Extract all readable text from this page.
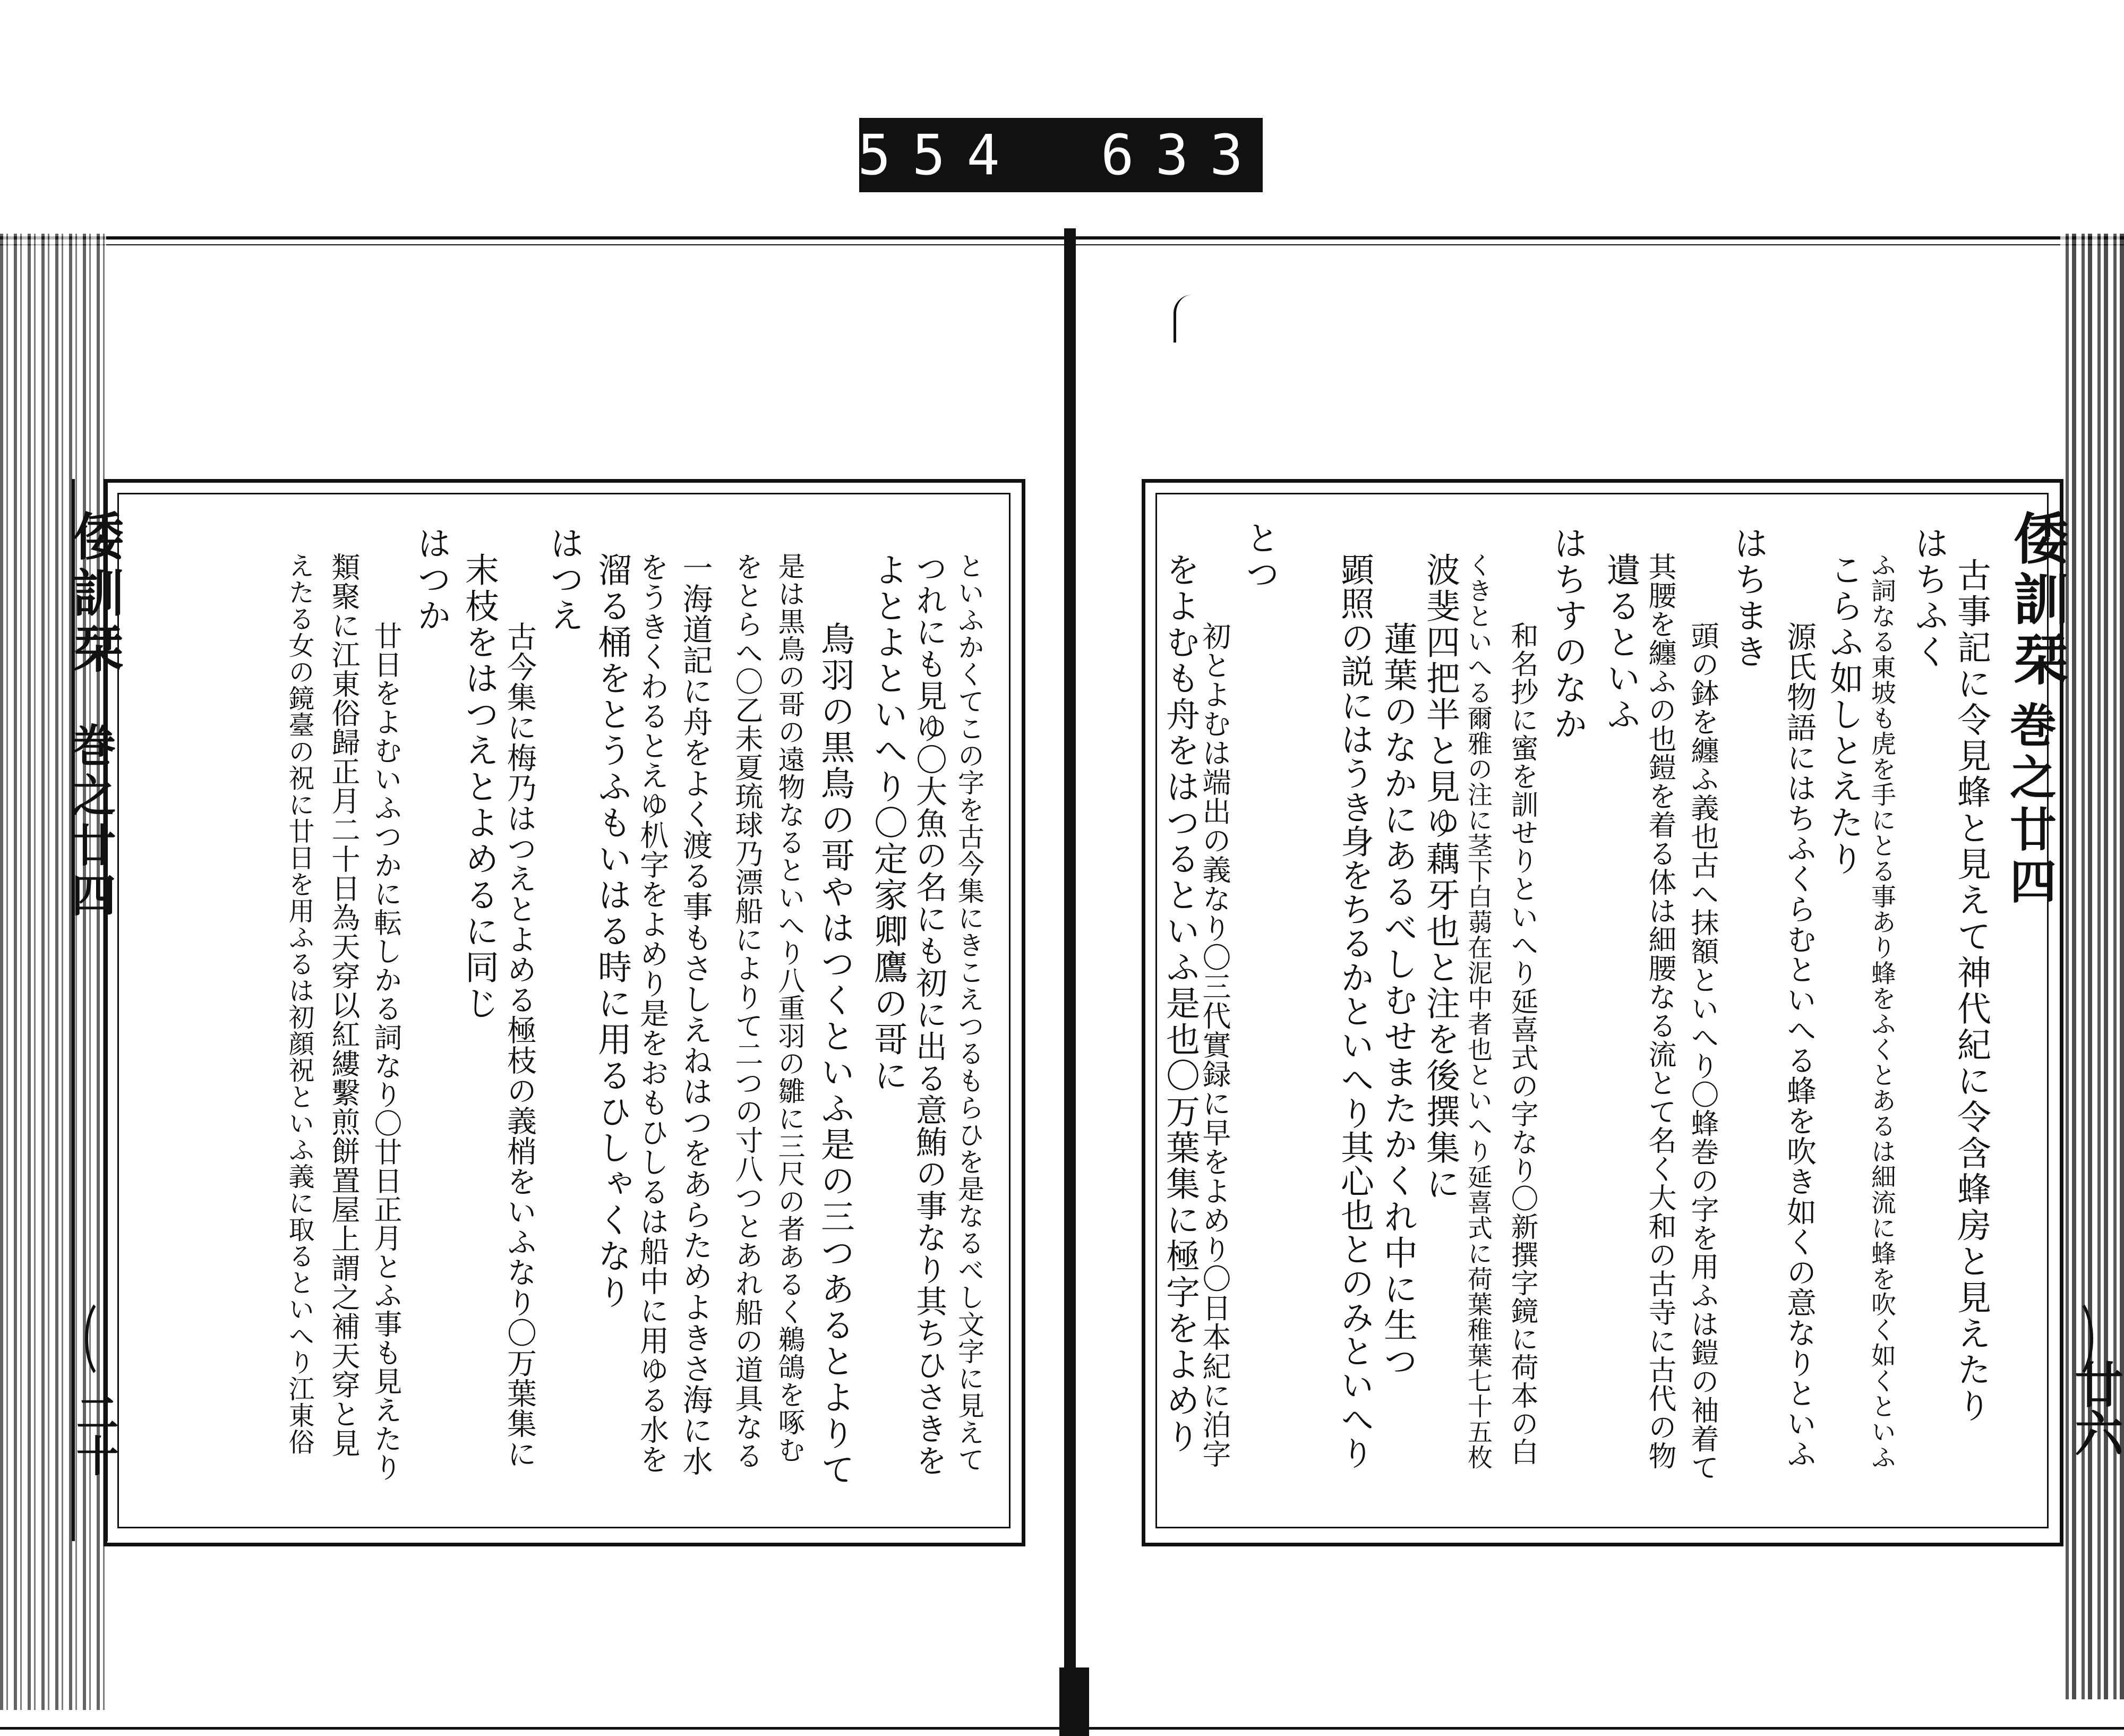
554 633
倭訓栞
巻之廿四
廿六
古事記に令見蜂と見えて神代紀に令含蜂房と見えたり
はちふく
ふ詞なる東坡も虎を手にとる事あり蜂をふくとあるは細流に蜂を吹く如くといふ
こらふ如しとえたり
源氏物語にはちふくらむといへる蜂を吹き如くの意なりといふ
はちまき
頭の鉢を纏ふ義也古へ抹額といへり〇蜂巻の字を用ふは鎧の袖着て
其腰を纏ふの也鎧を着る体は細腰なる流とて名く大和の古寺に古代の物
遺るといふ
はちすのなか
和名抄に蜜を訓せりといへり延喜式の字なり〇新撰字鏡に荷本の白
くきといへる爾雅の注に茎下白蒻在泥中者也といへり延喜式に荷葉稚葉七十五枚
波斐四把半と見ゆ藕牙也と注を後撰集に
蓮葉のなかにあるべしむせまたかくれ中に生つ
顕照の説にはうき身をちるかといへり其心也とのみといへり
とつ
初とよむは端出の義なり〇三代實録に早をよめり〇日本紀に泊字
をよむも舟をはつるといふ是也〇万葉集に極字をよめり
倭訓栞
巻之廿四
二十	といふかくてこの字を古今集にきこえつるもらひを是なるべし文字に見えて
つれにも見ゆ〇大魚の名にも初に出る意鮪の事なり其ちひさきを
よとよといへり〇定家卿鷹の哥に
鳥羽の黒鳥の哥やはつくといふ是の三つあるとよりて
是は黒鳥の哥の遠物なるといへり八重羽の雛に三尺の者あるく鵜鴿を啄む
をとらへ〇乙未夏琉球乃漂船によりて二つの寸八つとあれ船の道具なる
一海道記に舟をよく渡る事もさしえねはつをあらためよきさ海に水
をうきくわるとえゆ朳字をよめり是をおもひしるは船中に用ゆる水を
溜る桶をとうふもいはる時に用るひしゃくなり
はつえ
古今集に梅乃はつえとよめる極枝の義梢をいふなり〇万葉集に
末枝をはつえとよめるに同じ
はつか
廿日をよむいふつかに転しかる詞なり〇廿日正月とふ事も見えたり
類聚に江東俗歸正月二十日為天穿以紅縷繫煎餅置屋上謂之補天穿と見
えたる女の鏡臺の祝に廿日を用ふるは初顔祝といふ義に取るといへり江東俗
